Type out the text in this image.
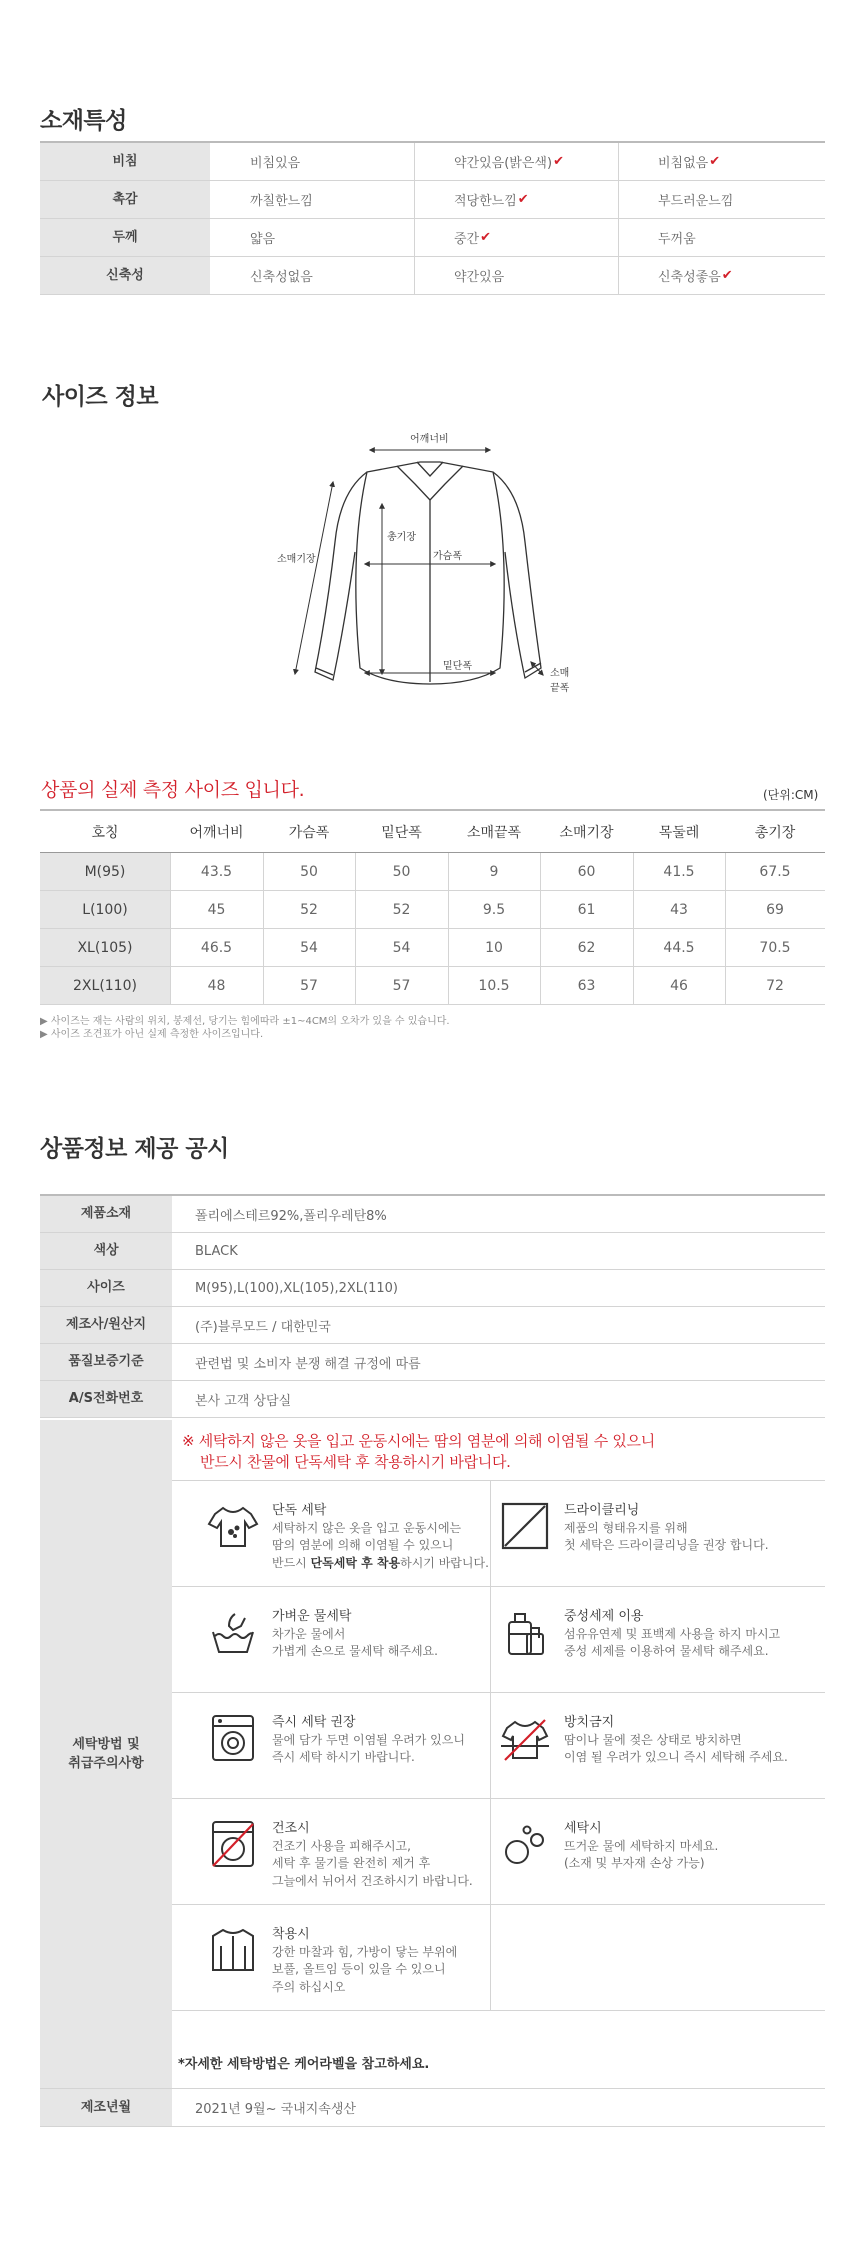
소재특성
비침	비침있음	약간있음(밝은색) ✔	비침없음 ✔
촉감	까칠한느낌	적당한느낌 ✔	부드러운느낌
두께	얇음	중간 ✔	두꺼움
신축성	신축성없음	약간있음	신축성좋음 ✔
사이즈 정보
어깨너비
소매기장
총기장
가슴폭
밑단폭
소매끝폭
상품의 실제 측정 사이즈 입니다.	(단위:CM)
호칭	어깨너비	가슴폭	밑단폭	소매끝폭	소매기장	목둘레	총기장
M(95)	43.5	50	50	9	60	41.5	67.5
L(100)	45	52	52	9.5	61	43	69
XL(105)	46.5	54	54	10	62	44.5	70.5
2XL(110)	48	57	57	10.5	63	46	72
▶ 사이즈는 재는 사람의 위치, 봉제선, 당기는 힘에따라 ±1~4CM의 오차가 있을 수 있습니다.
▶ 사이즈 조견표가 아닌 실제 측정한 사이즈입니다.
상품정보 제공 공시
제품소재	폴리에스테르92%,폴리우레탄8%
색상	BLACK
사이즈	M(95),L(100),XL(105),2XL(110)
제조사/원산지	(주)블루모드 / 대한민국
품질보증기준	관련법 및 소비자 분쟁 해결 규정에 따름
A/S전화번호	본사 고객 상담실
세탁방법 및
취급주의사항
※ 세탁하지 않은 옷을 입고 운동시에는 땀의 염분에 의해 이염될 수 있으니
반드시 찬물에 단독세탁 후 착용하시기 바랍니다.
단독 세탁
세탁하지 않은 옷을 입고 운동시에는
땀의 염분에 의해 이염될 수 있으니
반드시 단독세탁 후 착용하시기 바랍니다.
드라이클리닝
제품의 형태유지를 위해
첫 세탁은 드라이클리닝을 권장 합니다.
가벼운 물세탁
차가운 물에서
가볍게 손으로 물세탁 해주세요.
중성세제 이용
섬유유연제 및 표백제 사용을 하지 마시고
중성 세제를 이용하여 물세탁 해주세요.
즉시 세탁 권장
물에 담가 두면 이염될 우려가 있으니
즉시 세탁 하시기 바랍니다.
방치금지
땀이나 물에 젖은 상태로 방치하면
이염 될 우려가 있으니 즉시 세탁해 주세요.
건조시
건조기 사용을 피해주시고,
세탁 후 물기를 완전히 제거 후
그늘에서 뉘어서 건조하시기 바랍니다.
세탁시
뜨거운 물에 세탁하지 마세요.
(소재 및 부자재 손상 가능)
착용시
강한 마찰과 힘, 가방이 닿는 부위에
보풀, 올트임 등이 있을 수 있으니
주의 하십시오
*자세한 세탁방법은 케어라벨을 참고하세요.
제조년월	2021년 9월~ 국내지속생산
